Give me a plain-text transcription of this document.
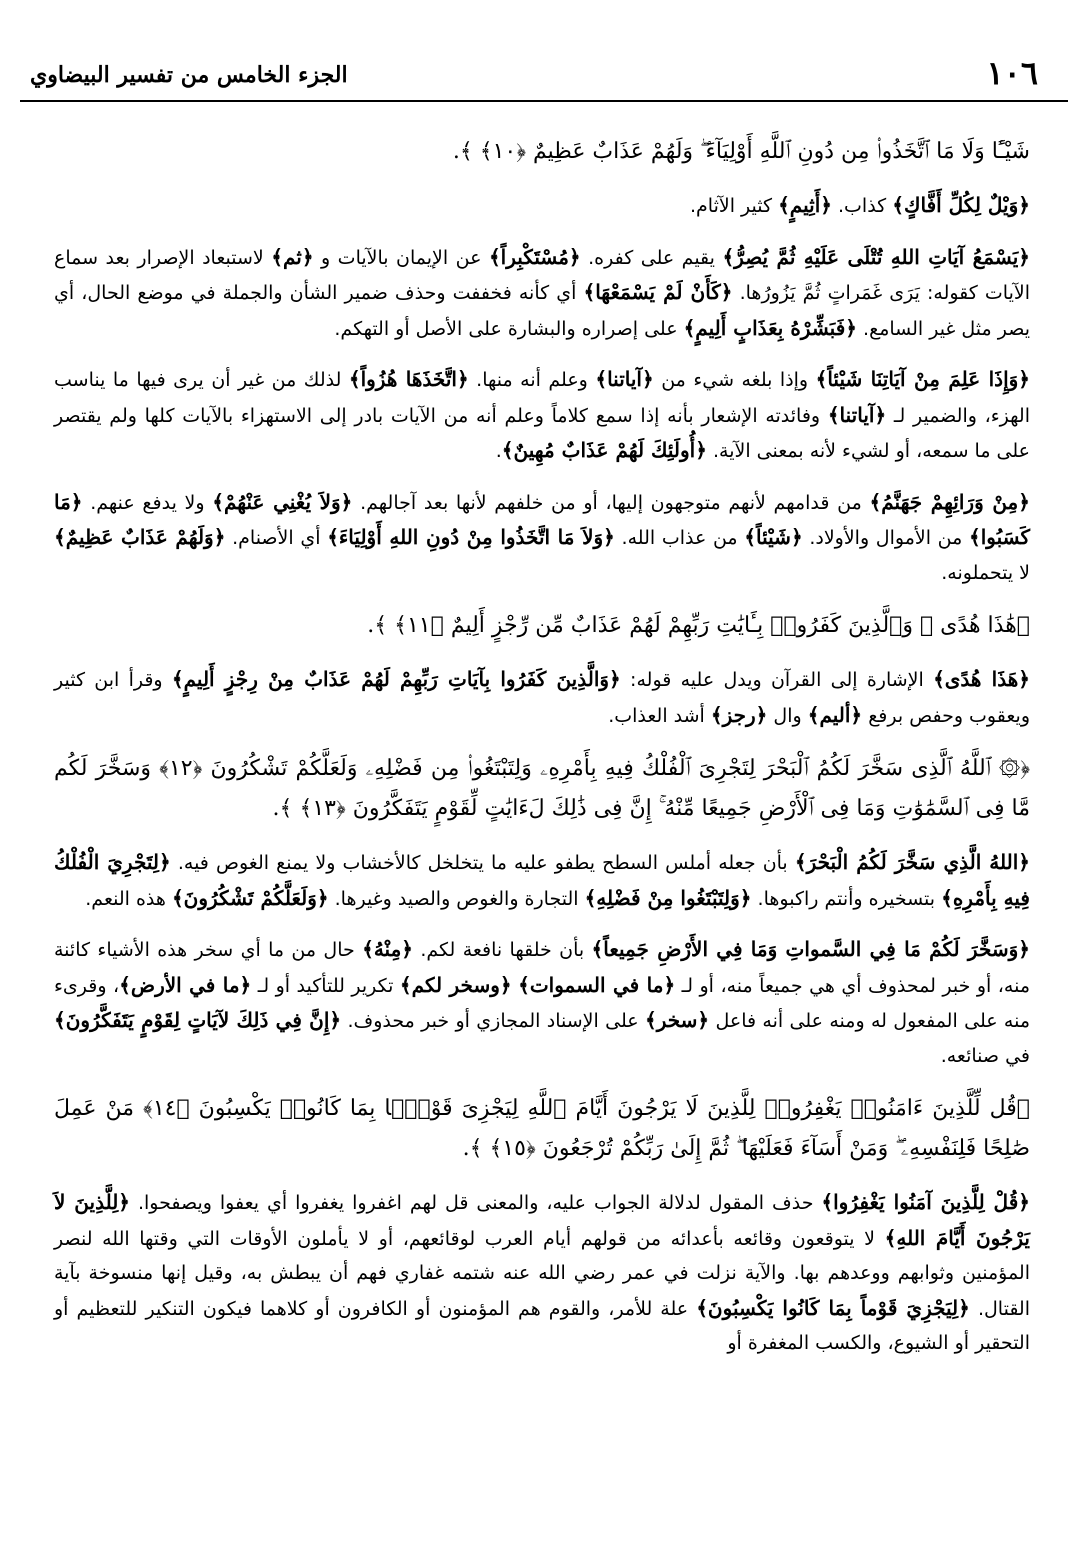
١٠٦
الجزء الخامس من تفسير البيضاوي

شَيْـًٔا وَلَا مَا ٱتَّخَذُوا۟ مِن دُونِ ٱللَّهِ أَوْلِيَآءَ ۖ وَلَهُمْ عَذَابٌ عَظِيمٌ ﴿١٠﴾ ﴾.

﴿وَيْلٌ لِكُلِّ أَفَّاكٍ﴾ كذاب. ﴿أَثِيمٍ﴾ كثير الآثام.

﴿يَسْمَعُ آيَاتِ اللهِ تُتْلَى عَلَيْهِ ثُمَّ يُصِرُّ﴾ يقيم على كفره. ﴿مُسْتَكْبِراً﴾ عن الإيمان بالآيات و ﴿ثم﴾ لاستبعاد الإصرار بعد سماع الآيات كقوله: يَرَى غَمَراتٍ ثُمَّ يَزُورُها. ﴿كَأَنْ لَمْ يَسْمَعْهَا﴾ أي كأنه فخففت وحذف ضمير الشأن والجملة في موضع الحال، أي يصر مثل غير السامع. ﴿فَبَشِّرْهُ بِعَذَابٍ أَلِيمٍ﴾ على إصراره والبشارة على الأصل أو التهكم.

﴿وَإِذَا عَلِمَ مِنْ آيَاتِنَا شَيْئاً﴾ وإذا بلغه شيء من ﴿آياتنا﴾ وعلم أنه منها. ﴿اتَّخَذَهَا هُزُواً﴾ لذلك من غير أن يرى فيها ما يناسب الهزء، والضمير لـ ﴿آياتنا﴾ وفائدته الإشعار بأنه إذا سمع كلاماً وعلم أنه من الآيات بادر إلى الاستهزاء بالآيات كلها ولم يقتصر على ما سمعه، أو لشيء لأنه بمعنى الآية. ﴿أُولَئِكَ لَهُمْ عَذَابٌ مُهِينٌ﴾.

﴿مِنْ وَرَائِهِمْ جَهَنَّمُ﴾ من قدامهم لأنهم متوجهون إليها، أو من خلفهم لأنها بعد آجالهم. ﴿وَلاَ يُغْنِي عَنْهُمْ﴾ ولا يدفع عنهم. ﴿مَا كَسَبُوا﴾ من الأموال والأولاد. ﴿شَيْئاً﴾ من عذاب الله. ﴿وَلاَ مَا اتَّخَذُوا مِنْ دُونِ اللهِ أَوْلِيَاءَ﴾ أي الأصنام. ﴿وَلَهُمْ عَذَابٌ عَظِيمٌ﴾ لا يتحملونه.

﴿هَٰذَا هُدًى ۖ وَٱلَّذِينَ كَفَرُوا۟ بِـَٔايَٰتِ رَبِّهِمْ لَهُمْ عَذَابٌ مِّن رِّجْزٍ أَلِيمٌ ﴿١١﴾ ﴾.

﴿هَذَا هُدًى﴾ الإشارة إلى القرآن ويدل عليه قوله: ﴿وَالَّذِينَ كَفَرُوا بِآيَاتِ رَبِّهِمْ لَهُمْ عَذَابٌ مِنْ رِجْزٍ أَلِيمٍ﴾ وقرأ ابن كثير ويعقوب وحفص برفع ﴿أليم﴾ وال ﴿رجز﴾ أشد العذاب.

﴿۞ ٱللَّهُ ٱلَّذِى سَخَّرَ لَكُمُ ٱلْبَحْرَ لِتَجْرِىَ ٱلْفُلْكُ فِيهِ بِأَمْرِهِۦ وَلِتَبْتَغُوا۟ مِن فَضْلِهِۦ وَلَعَلَّكُمْ تَشْكُرُونَ ﴿١٢﴾ وَسَخَّرَ لَكُم مَّا فِى ٱلسَّمَٰوَٰتِ وَمَا فِى ٱلْأَرْضِ جَمِيعًا مِّنْهُ ۚ إِنَّ فِى ذَٰلِكَ لَءَايَٰتٍ لِّقَوْمٍ يَتَفَكَّرُونَ ﴿١٣﴾ ﴾.

﴿اللهُ الَّذِي سَخَّرَ لَكُمُ الْبَحْرَ﴾ بأن جعله أملس السطح يطفو عليه ما يتخلخل كالأخشاب ولا يمنع الغوص فيه. ﴿لِتَجْرِيَ الْفُلْكُ فِيهِ بِأَمْرِهِ﴾ بتسخيره وأنتم راكبوها. ﴿وَلِتَبْتَغُوا مِنْ فَضْلِهِ﴾ التجارة والغوص والصيد وغيرها. ﴿وَلَعَلَّكُمْ تَشْكُرُونَ﴾ هذه النعم.

﴿وَسَخَّرَ لَكُمْ مَا فِي السَّمواتِ وَمَا فِي الأَرْضِ جَمِيعاً﴾ بأن خلقها نافعة لكم. ﴿مِنْهُ﴾ حال من ما أي سخر هذه الأشياء كائنة منه، أو خبر لمحذوف أي هي جميعاً منه، أو لـ ﴿ما في السموات﴾ ﴿وسخر لكم﴾ تكرير للتأكيد أو لـ ﴿ما في الأرض﴾، وقرىء منه على المفعول له ومنه على أنه فاعل ﴿سخر﴾ على الإسناد المجازي أو خبر محذوف. ﴿إِنَّ فِي ذَلِكَ لآيَاتٍ لِقَوْمٍ يَتَفَكَّرُونَ﴾ في صنائعه.

﴿قُل لِّلَّذِينَ ءَامَنُوا۟ يَغْفِرُوا۟ لِلَّذِينَ لَا يَرْجُونَ أَيَّامَ ٱللَّهِ لِيَجْزِىَ قَوْمًۢا بِمَا كَانُوا۟ يَكْسِبُونَ ﴿١٤﴾ مَنْ عَمِلَ صَٰلِحًا فَلِنَفْسِهِۦ ۖ وَمَنْ أَسَآءَ فَعَلَيْهَا ۖ ثُمَّ إِلَىٰ رَبِّكُمْ تُرْجَعُونَ ﴿١٥﴾ ﴾.

﴿قُلْ لِلَّذِينَ آمَنُوا يَغْفِرُوا﴾ حذف المقول لدلالة الجواب عليه، والمعنى قل لهم اغفروا يغفروا أي يعفوا ويصفحوا. ﴿لِلَّذِينَ لاَ يَرْجُونَ أَيَّامَ اللهِ﴾ لا يتوقعون وقائعه بأعدائه من قولهم أيام العرب لوقائعهم، أو لا يأملون الأوقات التي وقتها الله لنصر المؤمنين وثوابهم ووعدهم بها. والآية نزلت في عمر رضي الله عنه شتمه غفاري فهم أن يبطش به، وقيل إنها منسوخة بآية القتال. ﴿لِيَجْزِيَ قَوْماً بِمَا كَانُوا يَكْسِبُونَ﴾ علة للأمر، والقوم هم المؤمنون أو الكافرون أو كلاهما فيكون التنكير للتعظيم أو التحقير أو الشيوع، والكسب المغفرة أو
